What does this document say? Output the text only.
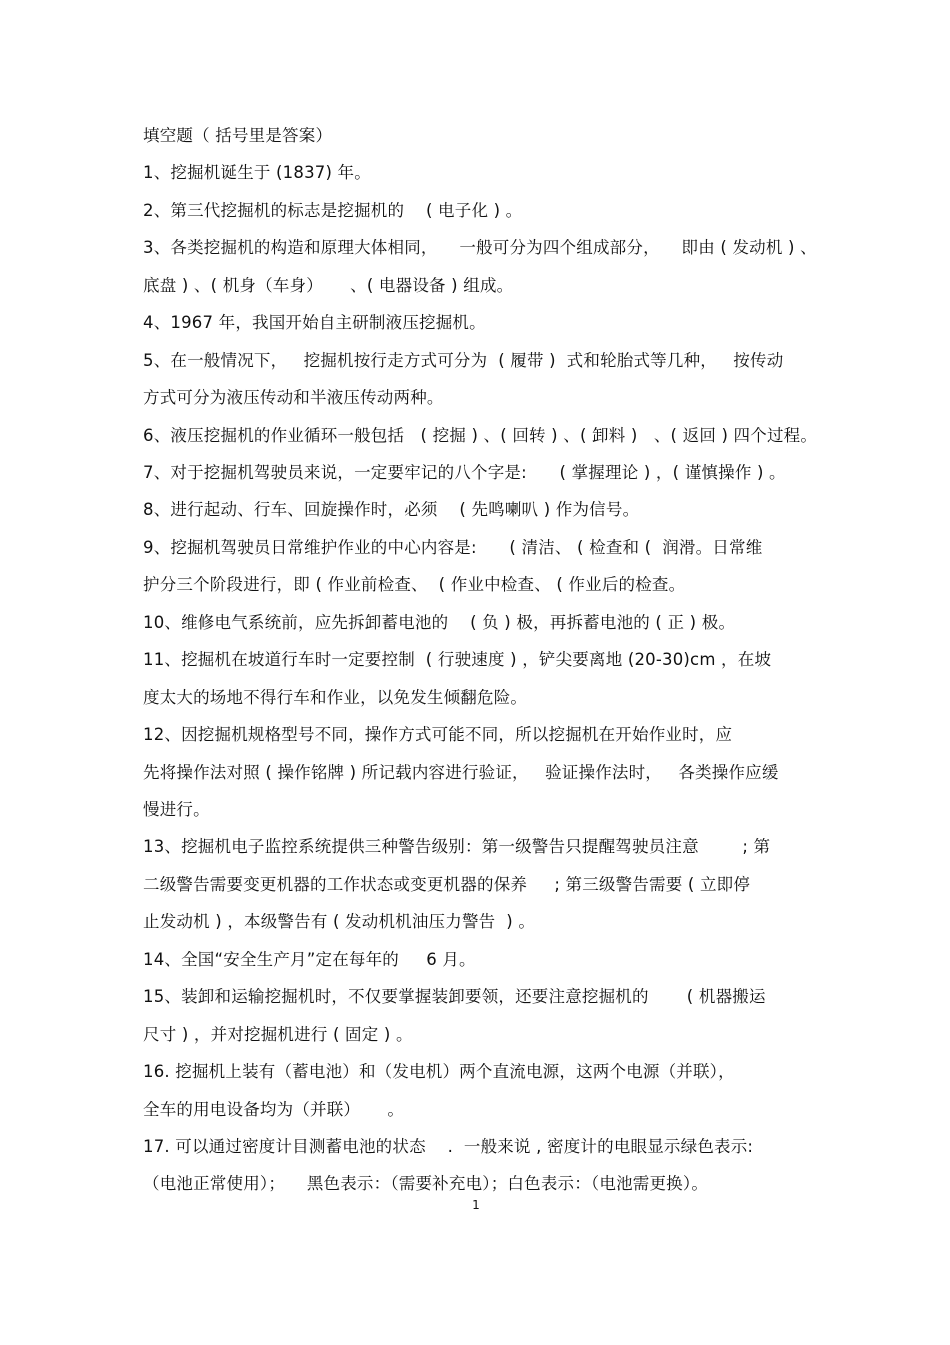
填空题（ 括号里是答案）
1、挖掘机诞生于 (1837) 年。
2、第三代挖掘机的标志是挖掘机的    ( 电子化 ) 。
3、各类挖掘机的构造和原理大体相同，    一般可分为四个组成部分，    即由 ( 发动机 ) 、
底盘 ) 、( 机身（车身）     、( 电器设备 ) 组成。
4、1967 年，我国开始自主研制液压挖掘机。
5、在一般情况下，   挖掘机按行走方式可分为  ( 履带 )  式和轮胎式等几种，   按传动
方式可分为液压传动和半液压传动两种。
6、液压挖掘机的作业循环一般包括   ( 挖掘 ) 、( 回转 ) 、( 卸料 )   、( 返回 ) 四个过程。
7、对于挖掘机驾驶员来说，一定要牢记的八个字是:      ( 掌握理论 ) ，( 谨慎操作 ) 。
8、进行起动、行车、回旋操作时，必须    ( 先鸣喇叭 ) 作为信号。
9、挖掘机驾驶员日常维护作业的中心内容是:      ( 清洁、 ( 检查和 (  润滑。日常维
护分三个阶段进行，即 ( 作业前检查、  ( 作业中检查、 ( 作业后的检查。
10、维修电气系统前，应先拆卸蓄电池的    ( 负 ) 极，再拆蓄电池的 ( 正 ) 极。
11、挖掘机在坡道行车时一定要控制  ( 行驶速度 ) ，铲尖要离地 (20-30)cm ，在坡
度太大的场地不得行车和作业，以免发生倾翻危险。
12、因挖掘机规格型号不同，操作方式可能不同，所以挖掘机在开始作业时，应
先将操作法对照 ( 操作铭牌 ) 所记载内容进行验证，   验证操作法时，   各类操作应缓
慢进行。
13、挖掘机电子监控系统提供三种警告级别：第一级警告只提醒驾驶员注意        ; 第
二级警告需要变更机器的工作状态或变更机器的保养     ; 第三级警告需要 ( 立即停
止发动机 ) ，本级警告有 ( 发动机机油压力警告  ) 。
14、全国“安全生产月”定在每年的     6 月。
15、装卸和运输挖掘机时，不仅要掌握装卸要领，还要注意挖掘机的       ( 机器搬运
尺寸 ) ，并对挖掘机进行 ( 固定 ) 。
16. 挖掘机上装有（蓄电池）和（发电机）两个直流电源，这两个电源（并联），
全车的用电设备均为（并联）     。
17. 可以通过密度计目测蓄电池的状态    .  一般来说 , 密度计的电眼显示绿色表示:
（电池正常使用）；    黑色表示：（需要补充电）；白色表示：（电池需更换）。
1
